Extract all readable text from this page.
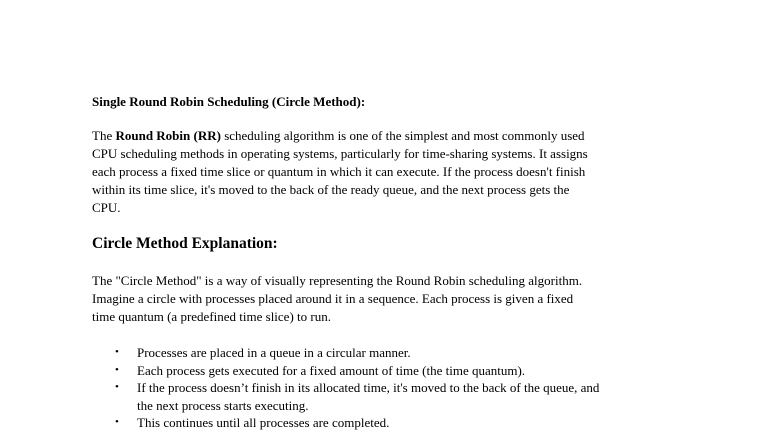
Single Round Robin Scheduling (Circle Method):
The Round Robin (RR) scheduling algorithm is one of the simplest and most commonly used
CPU scheduling methods in operating systems, particularly for time-sharing systems. It assigns
each process a fixed time slice or quantum in which it can execute. If the process doesn't finish
within its time slice, it's moved to the back of the ready queue, and the next process gets the
CPU.
Circle Method Explanation:
The "Circle Method" is a way of visually representing the Round Robin scheduling algorithm.
Imagine a circle with processes placed around it in a sequence. Each process is given a fixed
time quantum (a predefined time slice) to run.
• Processes are placed in a queue in a circular manner.
• Each process gets executed for a fixed amount of time (the time quantum).
• If the process doesn’t finish in its allocated time, it's moved to the back of the queue, and
the next process starts executing.
• This continues until all processes are completed.
